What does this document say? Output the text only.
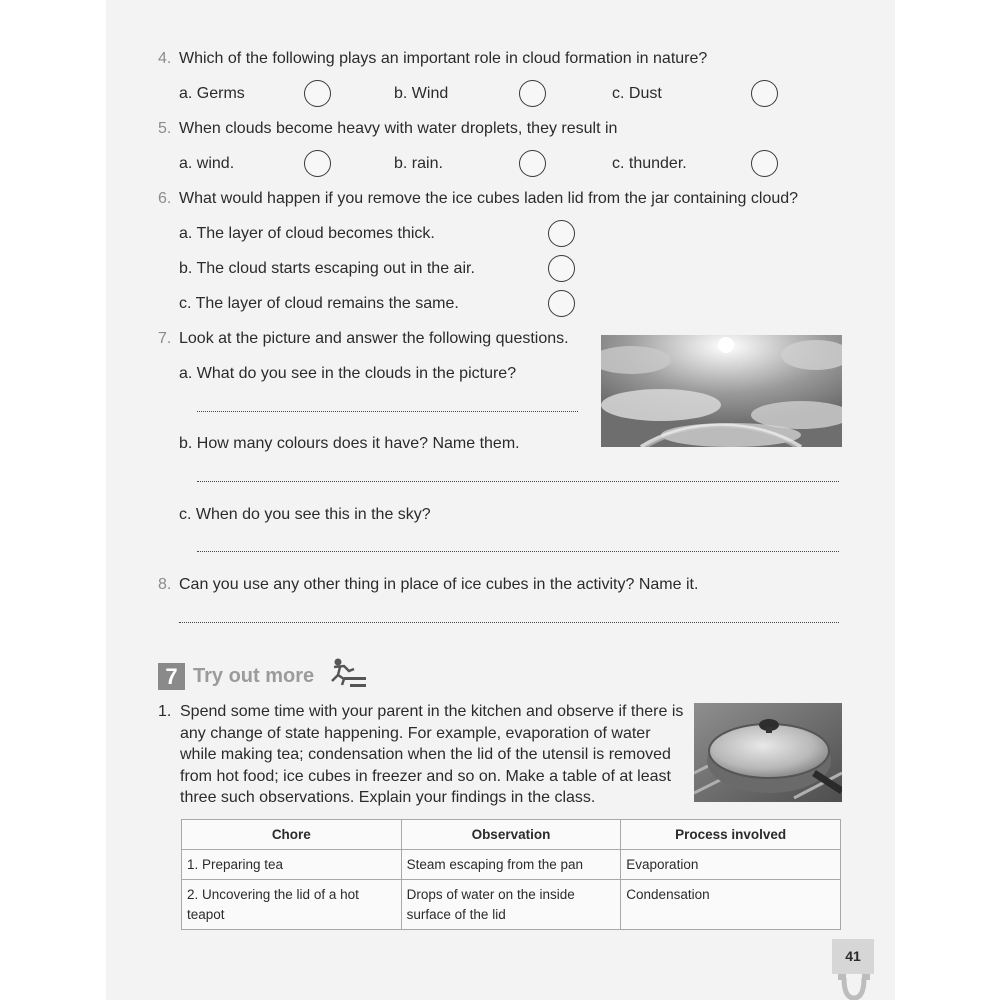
4. Which of the following plays an important role in cloud formation in nature?
a. Germs	b. Wind	c. Dust
5. When clouds become heavy with water droplets, they result in
a. wind.	b. rain.	c. thunder.
6. What would happen if you remove the ice cubes laden lid from the jar containing cloud?
a. The layer of cloud becomes thick.
b. The cloud starts escaping out in the air.
c. The layer of cloud remains the same.
7. Look at the picture and answer the following questions.
a. What do you see in the clouds in the picture?
b. How many colours does it have? Name them.
c. When do you see this in the sky?
8. Can you use any other thing in place of ice cubes in the activity? Name it.
7 Try out more
1. Spend some time with your parent in the kitchen and observe if there is any change of state happening. For example, evaporation of water while making tea; condensation when the lid of the utensil is removed from hot food; ice cubes in freezer and so on. Make a table of at least three such observations. Explain your findings in the class.
Chore	Observation	Process involved
1. Preparing tea	Steam escaping from the pan	Evaporation
2. Uncovering the lid of a hot teapot	Drops of water on the inside surface of the lid	Condensation
41
